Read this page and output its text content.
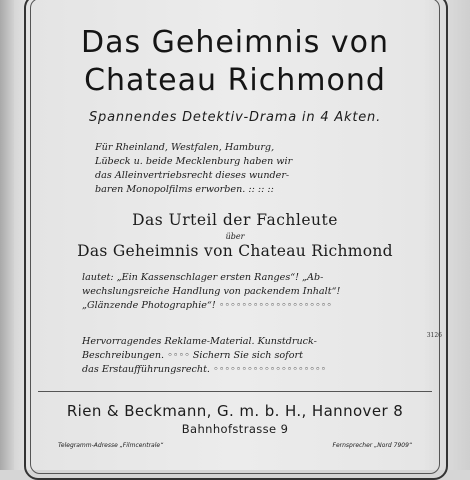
Das Geheimnis von
Chateau Richmond
Spannendes Detektiv-Drama in 4 Akten.
Für Rheinland, Westfalen, Hamburg,
Lübeck u. beide Mecklenburg haben wir
das Alleinvertriebsrecht dieses wunder-
baren Monopolfilms erworben. :: :: ::
Das Urteil der Fachleute
über
Das Geheimnis von Chateau Richmond
lautet: „Ein Kassenschlager ersten Ranges“! „Ab-
wechslungsreiche Handlung von packendem Inhalt“!
„Glänzende Photographie“! ◦◦◦◦◦◦◦◦◦◦◦◦◦◦◦◦◦◦◦◦
Hervorragendes Reklame-Material. Kunstdruck-
Beschreibungen. ◦◦◦◦ Sichern Sie sich sofort
das Erstaufführungsrecht. ◦◦◦◦◦◦◦◦◦◦◦◦◦◦◦◦◦◦◦◦
Rien & Beckmann, G. m. b. H., Hannover 8
Bahnhofstrasse 9
Telegramm-Adresse „Filmcentrale“	Fernsprecher „Nord 7909“
3126
